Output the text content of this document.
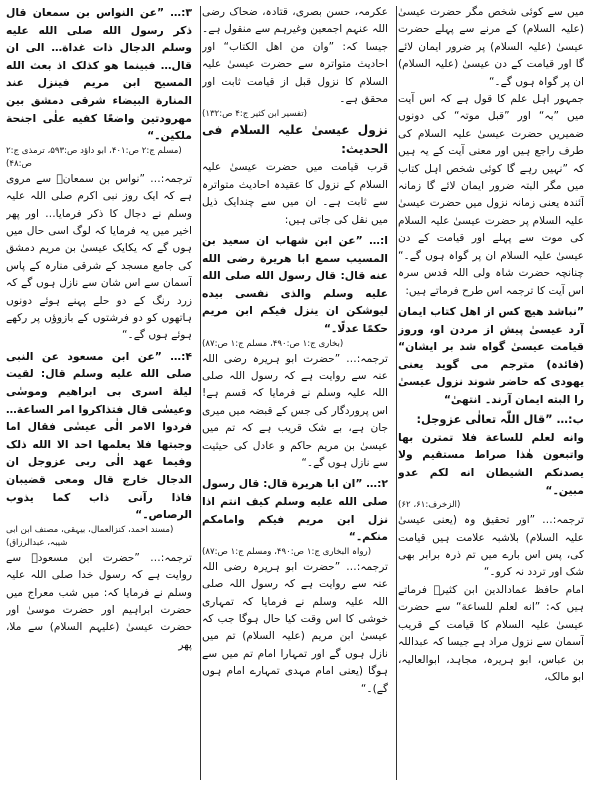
میں سے کوئی شخص مگر حضرت عیسیٰ (علیہ السلام) کے مرنے سے پہلے حضرت عیسیٰ (علیہ السلام) پر ضرور ایمان لائے گا اور قیامت کے دن عیسیٰ (علیہ السلام) ان پر گواہ ہوں گے۔“

جمہور اہل علم کا قول ہے کہ اس آیت میں ”بہ“ اور ”قبل موتہ“ کی دونوں ضمیریں حضرت عیسیٰ علیہ السلام کی طرف راجع ہیں اور معنی آیت کے یہ ہیں کہ ”نہیں رہے گا کوئی شخص اہل کتاب میں مگر البتہ ضرور ایمان لائے گا زمانہ آئندہ یعنی زمانہ نزول میں حضرت عیسیٰ علیہ السلام پر حضرت عیسیٰ علیہ السلام کی موت سے پہلے اور قیامت کے دن عیسیٰ علیہ السلام ان پر گواہ ہوں گے۔“ چنانچہ حضرت شاہ ولی اللہ قدس سرہ اس آیت کا ترجمہ اس طرح فرماتے ہیں:

”نباشد هیچ کس از اهل کتاب ایمان آرد عیسیٰ پیش از مردن او، وروز قیامت عیسیٰ گواه شد بر ایشان“ (فائدہ) مترجم می گوید یعنی یهودی که حاضر شوند نزول عیسیٰ را البته ایمان آرند۔ انتهیٰ“

ب:… ”قال اللّٰہ تعالٰی عزوجل:

وانه لعلم للساعة فلا تمترن بها واتبعون هٰذا صراط مستقیم ولا یصدنکم الشیطان انه لکم عدو مبین۔“

(الزخرف:۶۱، ۶۲)

ترجمہ:… ”اور تحقیق وہ (یعنی عیسیٰ علیہ السلام) بلاشبہ علامت ہیں قیامت کی، پس اس بارے میں تم ذرہ برابر بھی شک اور تردد نہ کرو۔“

امام حافظ عمادالدین ابن کثیرؒ فرماتے ہیں کہ: ”انه لعلم للساعة“ سے حضرت عیسیٰ علیہ السلام کا قیامت کے قریب آسمان سے نزول مراد ہے جیسا کہ عبداللہ بن عباس، ابو ہریرہ، مجاہد، ابوالعالیہ، ابو مالک،

عکرمہ، حسن بصری، قتادہ، ضحاک رضی اللہ عنہم اجمعین وغیرہم سے منقول ہے۔ جیسا کہ: ”وان من اهل الکتاب“ اور احادیث متواترہ سے حضرت عیسیٰ علیہ السلام کا نزول قبل از قیامت ثابت اور محقق ہے۔

(تفسیر ابن کثیر ج:۴ ص:۱۳۲)

نزول عیسیٰ علیہ السلام فی الحدیث:

قرب قیامت میں حضرت عیسیٰ علیہ السلام کے نزول کا عقیدہ احادیث متواترہ سے ثابت ہے۔ ان میں سے چندایک ذیل میں نقل کی جاتی ہیں:

ا:… ”عن ابن شهاب ان سعید بن المسیب سمع ابا هریرة رضی الله عنه قال: قال رسول الله صلی الله علیه وسلم والذی نفسی بیده لیوشکن ان ینزل فیکم ابن مریم حکمًا عدلًا۔“

(بخاری ج:۱ ص:۴۹۰، مسلم ج:۱ ص:۸۷)

ترجمہ:… ”حضرت ابو ہریرہ رضی اللہ عنہ سے روایت ہے کہ رسول اللہ صلی اللہ علیہ وسلم نے فرمایا کہ قسم ہے! اس پروردگار کی جس کے قبضہ میں میری جان ہے، بے شک قریب ہے کہ تم میں عیسیٰ بن مریم حاکم و عادل کی حیثیت سے نازل ہوں گے۔“

۲:… ”ان ابا هریرة قال: قال رسول صلی الله علیه وسلم کیف انتم اذا نزل ابن مریم فیکم وامامکم منکم۔“

(رواہ البخاری ج:۱ ص:۴۹۰، ومسلم ج:۱ ص:۸۷)

ترجمہ:… ”حضرت ابو ہریرہ رضی اللہ عنہ سے روایت ہے کہ رسول اللہ صلی اللہ علیہ وسلم نے فرمایا کہ تمہاری خوشی کا اس وقت کیا حال ہوگا جب کہ عیسیٰ ابن مریم (علیہ السلام) تم میں نازل ہوں گے اور تمہارا امام تم میں سے ہوگا (یعنی امام مہدی تمہارے امام ہوں گے)۔“

۳:… ”عن النواس بن سمعان قال ذکر رسول الله صلی الله علیه وسلم الدجال ذات غداة… الی ان قال… فبینما هو کذلک اذ بعث الله المسیح ابن مریم فینزل عند المنارة البیضاء شرقی دمشق بین مهرودتین واضعًا کفیه علٰی اجنحة ملکین۔“

(مسلم ج:۲ ص:۴۰۱، ابو داؤد ص:۵۹۳، ترمذی ج:۲ ص:۴۸)

ترجمہ:… ”نواس بن سمعانؓ سے مروی ہے کہ ایک روز نبی اکرم صلی اللہ علیہ وسلم نے دجال کا ذکر فرمایا… اور پھر اخیر میں یہ فرمایا کہ لوگ اسی حال میں ہوں گے کہ یکایک عیسیٰ بن مریم دمشق کی جامع مسجد کے شرقی منارہ کے پاس آسمان سے اس شان سے نازل ہوں گے کہ زرد رنگ کے دو حلے پہنے ہوئے دونوں ہاتھوں کو دو فرشتوں کے بازوؤں پر رکھے ہوئے ہوں گے۔“

۴:… ”عن ابن مسعود عن النبی صلی الله علیه وسلم قال: لقیت لیلة اسری بی ابراهیم وموسٰی وعیسٰی قال فتذاکروا امر الساعة… فردوا الامر الٰی عیسٰی فقال اما وجبتها فلا یعلمها احد الا الله ذلک وفیما عهد الٰی ربی عزوجل ان الدجال خارج قال ومعی قضیبان فاذا رآنی ذاب کما یذوب الرصاص۔“

(مسند احمد، کنزالعمال، بیہقی، مصنف ابن ابی شیبہ، عبدالرزاق)

ترجمہ:… ”حضرت ابن مسعودؓ سے روایت ہے کہ رسول خدا صلی اللہ علیہ وسلم نے فرمایا کہ: میں شب معراج میں حضرت ابراہیم اور حضرت موسیٰ اور حضرت عیسیٰ (علیہم السلام) سے ملا، پھر
